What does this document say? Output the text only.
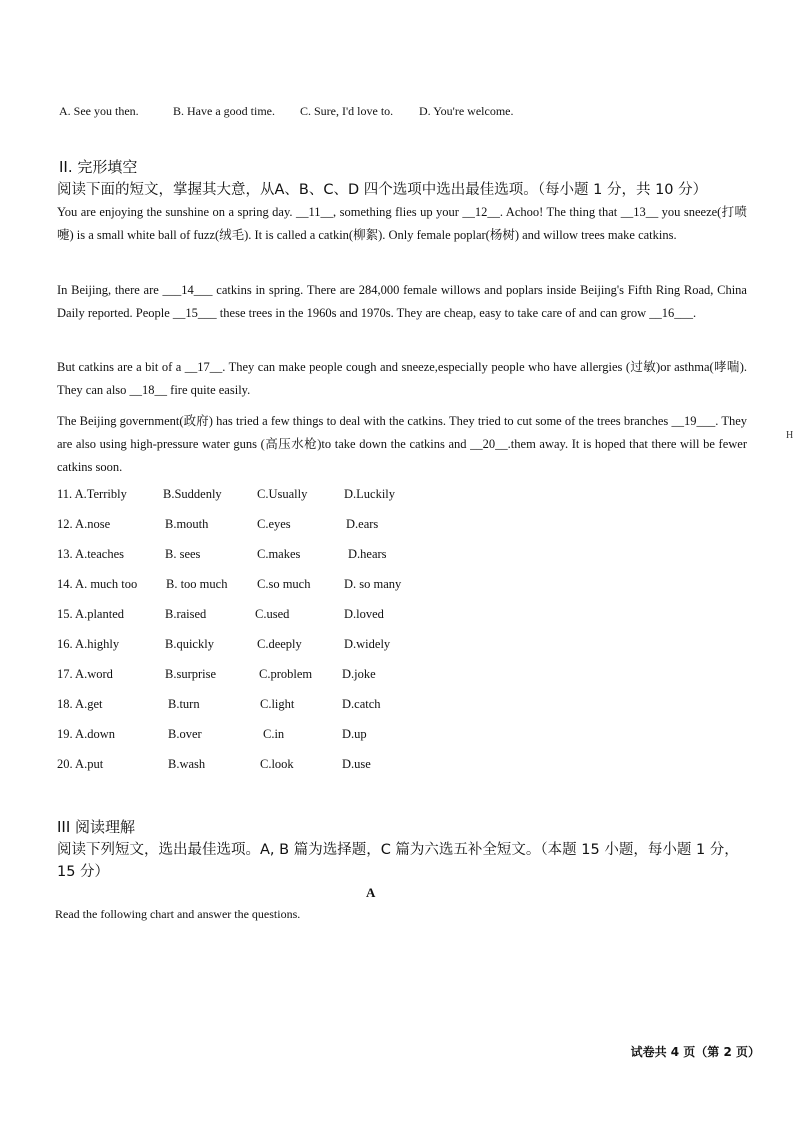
A. See you then.	B. Have a good time. C. Sure, I'd love to. D. You're welcome.
II. 完形填空
阅读下面的短文，掌握其大意，从A、B、C、D 四个选项中选出最佳选项。（每小题 1 分，共 10 分）
You are enjoying the sunshine on a spring day. __11__, something flies up your __12__. Achoo! The thing that __13__ you sneeze(打喷嚏) is a small white ball of fuzz(绒毛). It is called a catkin(柳絮). Only female poplar(杨树) and willow trees make catkins.
In Beijing, there are ___14___ catkins in spring. There are 284,000 female willows and poplars inside Beijing's Fifth Ring Road, China Daily reported. People __15___ these trees in the 1960s and 1970s. They are cheap, easy to take care of and can grow __16___.
But catkins are a bit of a __17__. They can make people cough and sneeze,especially people who have allergies (过敏)or asthma(哮喘). They can also __18__ fire quite easily.
The Beijing government(政府) has tried a few things to deal with the catkins. They tried to cut some of the trees branches __19___. They are also using high-pressure water guns (高压水枪)to take down the catkins and __20__.them away. It is hoped that there will be fewer catkins soon.
11. A.Terribly	B.Suddenly	C.Usually	D.Luckily
12. A.nose	B.mouth	C.eyes	D.ears
13. A.teaches	B. sees	C.makes	D.hears
14. A. much too B. too much C.so much	D. so many
15. A.planted	B.raised	C.used	D.loved
16. A.highly	B.quickly	C.deeply	D.widely
17. A.word	B.surprise	C.problem D.joke
18. A.get	B.turn	C.light	D.catch
19. A.down	B.over	C.in	D.up
20. A.put	B.wash	C.look	D.use
III 阅读理解
阅读下列短文，选出最佳选项。A, B 篇为选择题，C 篇为六选五补全短文。（本题 15 小题，每小题 1 分，
15 分）
A
Read the following chart and answer the questions.
试卷共 4 页（第 2 页）
H
